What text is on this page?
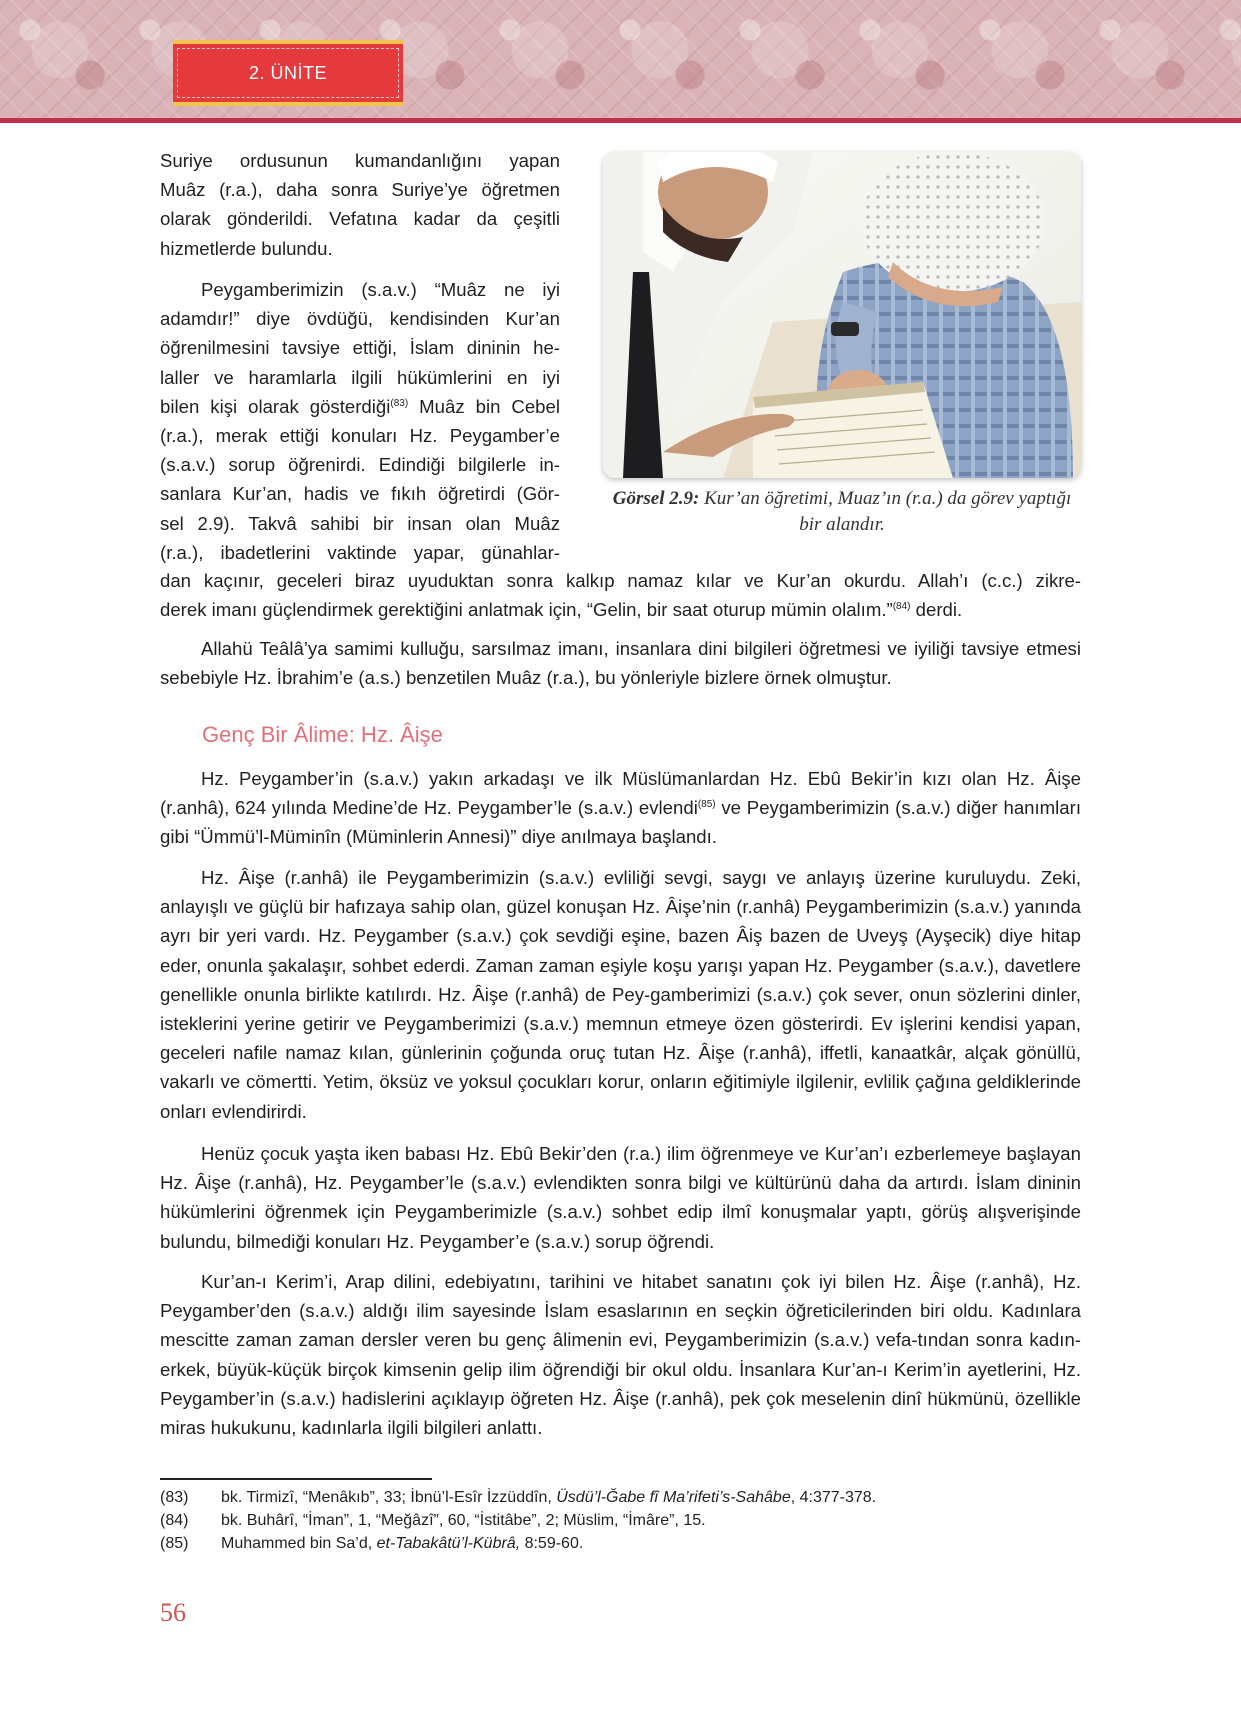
2. ÜNİTE
Suriye ordusunun kumandanlığını yapan
Muâz (r.a.), daha sonra Suriye’ye öğretmen
olarak gönderildi. Vefatına kadar da çeşitli
hizmetlerde bulundu.
Peygamberimizin (s.a.v.) “Muâz ne iyi
adamdır!” diye övdüğü, kendisinden Kur’an
öğrenilmesini tavsiye ettiği, İslam dininin he-
laller ve haramlarla ilgili hükümlerini en iyi
bilen kişi olarak gösterdiği$^{(83)}$ Muâz bin Cebel
(r.a.), merak ettiği konuları Hz. Peygamber’e
(s.a.v.) sorup öğrenirdi. Edindiği bilgilerle in-
sanlara Kur’an, hadis ve fıkıh öğretirdi (Gör-
sel 2.9). Takvâ sahibi bir insan olan Muâz
(r.a.), ibadetlerini vaktinde yapar, günahlar-
dan kaçınır, geceleri biraz uyuduktan sonra kalkıp namaz kılar ve Kur’an okurdu. Allah’ı (c.c.) zikre-
derek imanı güçlendirmek gerektiğini anlatmak için, “Gelin, bir saat oturup mümin olalım.”$^{(84)}$ derdi.

Görsel 2.9: Kur’an öğretimi, Muaz’ın (r.a.) da görev yaptığı bir alandır.

Allahü Teâlâ’ya samimi kulluğu, sarsılmaz imanı, insanlara dini bilgileri öğretmesi ve iyiliği tavsiye etmesi sebebiyle Hz. İbrahim’e (a.s.) benzetilen Muâz (r.a.), bu yönleriyle bizlere örnek olmuştur.

Genç Bir Âlime: Hz. Âişe

Hz. Peygamber’in (s.a.v.) yakın arkadaşı ve ilk Müslümanlardan Hz. Ebû Bekir’in kızı olan Hz. Âişe (r.anhâ), 624 yılında Medine’de Hz. Peygamber’le (s.a.v.) evlendi$^{(85)}$ ve Peygamberimizin (s.a.v.) diğer hanımları gibi “Ümmü’l-Müminîn (Müminlerin Annesi)” diye anılmaya başlandı.

Hz. Âişe (r.anhâ) ile Peygamberimizin (s.a.v.) evliliği sevgi, saygı ve anlayış üzerine kuruluydu. Zeki, anlayışlı ve güçlü bir hafızaya sahip olan, güzel konuşan Hz. Âişe’nin (r.anhâ) Peygamberimizin (s.a.v.) yanında ayrı bir yeri vardı. Hz. Peygamber (s.a.v.) çok sevdiği eşine, bazen Âiş bazen de Uveyş (Ayşecik) diye hitap eder, onunla şakalaşır, sohbet ederdi. Zaman zaman eşiyle koşu yarışı yapan Hz. Peygamber (s.a.v.), davetlere genellikle onunla birlikte katılırdı. Hz. Âişe (r.anhâ) de Pey-gamberimizi (s.a.v.) çok sever, onun sözlerini dinler, isteklerini yerine getirir ve Peygamberimizi (s.a.v.) memnun etmeye özen gösterirdi. Ev işlerini kendisi yapan, geceleri nafile namaz kılan, günlerinin çoğunda oruç tutan Hz. Âişe (r.anhâ), iffetli, kanaatkâr, alçak gönüllü, vakarlı ve cömertti. Yetim, öksüz ve yoksul çocukları korur, onların eğitimiyle ilgilenir, evlilik çağına geldiklerinde onları evlendirirdi.

Henüz çocuk yaşta iken babası Hz. Ebû Bekir’den (r.a.) ilim öğrenmeye ve Kur’an’ı ezberlemeye başlayan Hz. Âişe (r.anhâ), Hz. Peygamber’le (s.a.v.) evlendikten sonra bilgi ve kültürünü daha da artırdı. İslam dininin hükümlerini öğrenmek için Peygamberimizle (s.a.v.) sohbet edip ilmî konuşmalar yaptı, görüş alışverişinde bulundu, bilmediği konuları Hz. Peygamber’e (s.a.v.) sorup öğrendi.

Kur’an-ı Kerim’i, Arap dilini, edebiyatını, tarihini ve hitabet sanatını çok iyi bilen Hz. Âişe (r.anhâ), Hz. Peygamber’den (s.a.v.) aldığı ilim sayesinde İslam esaslarının en seçkin öğreticilerinden biri oldu. Kadınlara mescitte zaman zaman dersler veren bu genç âlimenin evi, Peygamberimizin (s.a.v.) vefa-tından sonra kadın-erkek, büyük-küçük birçok kimsenin gelip ilim öğrendiği bir okul oldu. İnsanlara Kur’an-ı Kerim’in ayetlerini, Hz. Peygamber’in (s.a.v.) hadislerini açıklayıp öğreten Hz. Âişe (r.anhâ), pek çok meselenin dinî hükmünü, özellikle miras hukukunu, kadınlarla ilgili bilgileri anlattı.

(83)	bk. Tirmizî, “Menâkıb”, 33; İbnü’l-Esîr İzzüddîn, Üsdü’l-Ğabe fî Ma’rifeti’s-Sahâbe, 4:377-378.
(84)	bk. Buhârî, “İman”, 1, “Meğâzî”, 60, “İstitâbe”, 2; Müslim, “İmâre”, 15.
(85)	Muhammed bin Sa’d, et-Tabakâtü’l-Kübrâ, 8:59-60.

56
